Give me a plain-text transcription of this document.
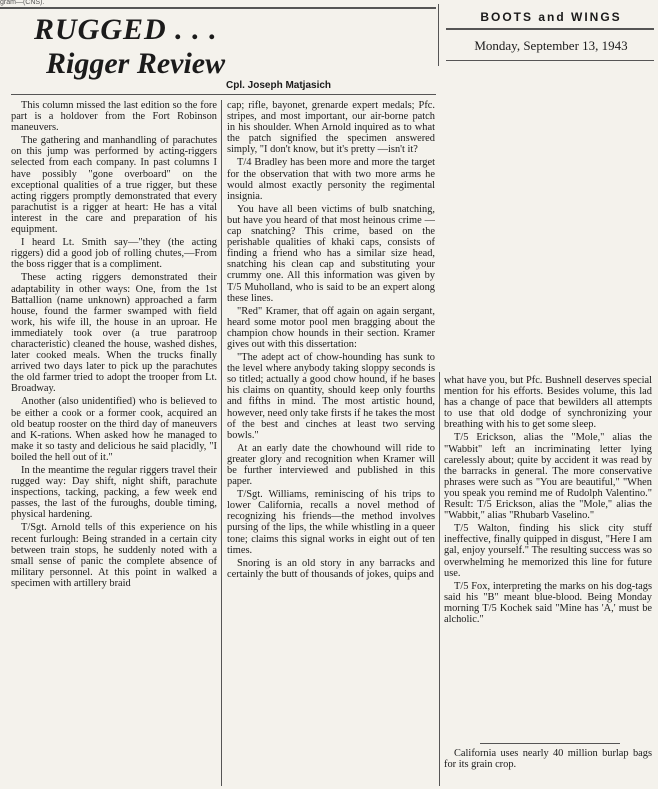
gram—(CNS).
RUGGED . . .
Rigger Review
Cpl. Joseph Matjasich
BOOTS and WINGS
Monday, September 13, 1943

This column missed the last edition so the fore part is a holdover from the Fort Robinson maneuvers.

The gathering and manhandling of parachutes on this jump was performed by acting-riggers selected from each company. In past columns I have possibly "gone overboard" on the exceptional qualities of a true rigger, but these acting riggers promptly demonstrated that every parachutist is a rigger at heart: He has a vital interest in the care and preparation of his equipment.

I heard Lt. Smith say—"they (the acting riggers) did a good job of rolling chutes,—From the boss rigger that is a compliment.

These acting riggers demonstrated their adaptability in other ways: One, from the 1st Battallion (name unknown) approached a farm house, found the farmer swamped with field work, his wife ill, the house in an uproar. He immediately took over (a true paratroop characteristic) cleaned the house, washed dishes, later cooked meals. When the trucks finally arrived two days later to pick up the parachutes the old farmer tried to adopt the trooper from Lt. Broadway.

Another (also unidentified) who is believed to be either a cook or a former cook, acquired an old beatup rooster on the third day of maneuvers and K-rations. When asked how he managed to make it so tasty and delicious he said placidly, "I boiled the hell out of it."

In the meantime the regular riggers travel their rugged way: Day shift, night shift, parachute inspections, tacking, packing, a few week end passes, the last of the furoughs, double timing, physical hardening.

T/Sgt. Arnold tells of this experience on his recent furlough: Being stranded in a certain city between train stops, he suddenly noted with a small sense of panic the complete absence of military personnel. At this point in walked a specimen with artillery braid

cap; rifle, bayonet, grenarde expert medals; Pfc. stripes, and most important, our air-borne patch in his shoulder. When Arnold inquired as to what the patch signified the specimen answered simply, "I don't know, but it's pretty —isn't it?

T/4 Bradley has been more and more the target for the observation that with two more arms he would almost exactly personity the regimental insignia.

You have all been victims of bulb snatching, but have you heard of that most heinous crime —cap snatching? This crime, based on the perishable qualities of khaki caps, consists of finding a friend who has a similar size head, snatching his clean cap and substituting your crummy one. All this information was given by T/5 Muholland, who is said to be an expert along these lines.

"Red" Kramer, that off again on again sergant, heard some motor pool men bragging about the champion chow hounds in their section. Kramer gives out with this dissertation:

"The adept act of chow-hounding has sunk to the level where anybody taking sloppy seconds is so titled; actually a good chow hound, if he bases his claims on quantity, should keep only fourths and fifths in mind. The most artistic hound, however, need only take firsts if he takes the most of the best and cinches at least two serving bowls."

At an early date the chowhound will ride to greater glory and recognition when Kramer will be further interviewed and published in this paper.

T/Sgt. Williams, reminiscing of his trips to lower California, recalls a novel method of recognizing his friends—the method involves pursing of the lips, the while whistling in a queer tone; claims this signal works in eight out of ten times.

Snoring is an old story in any barracks and certainly the butt of thousands of jokes, quips and

what have you, but Pfc. Bushnell deserves special mention for his efforts. Besides volume, this lad has a change of pace that bewilders all attempts to use that old dodge of synchronizing your breathing with his to get some sleep.

T/5 Erickson, alias the "Mole," alias the "Wabbit" left an incriminating letter lying carelessly about; quite by accident it was read by the barracks in general. The more conservative phrases were such as "You are beautiful," "When you speak you remind me of Rudolph Valentino." Result: T/5 Erickson, alias the "Mole," alias the "Wabbit," alias "Rhubarb Vaselino."

T/5 Walton, finding his slick city stuff ineffective, finally quipped in disgust, "Here I am gal, enjoy yourself." The resulting success was so overwhelming he memorized this line for future use.

T/5 Fox, interpreting the marks on his dog-tags said his "B" meant blue-blood. Being Monday morning T/5 Kochek said "Mine has 'A,' must be alcholic."

California uses nearly 40 million burlap bags for its grain crop.
